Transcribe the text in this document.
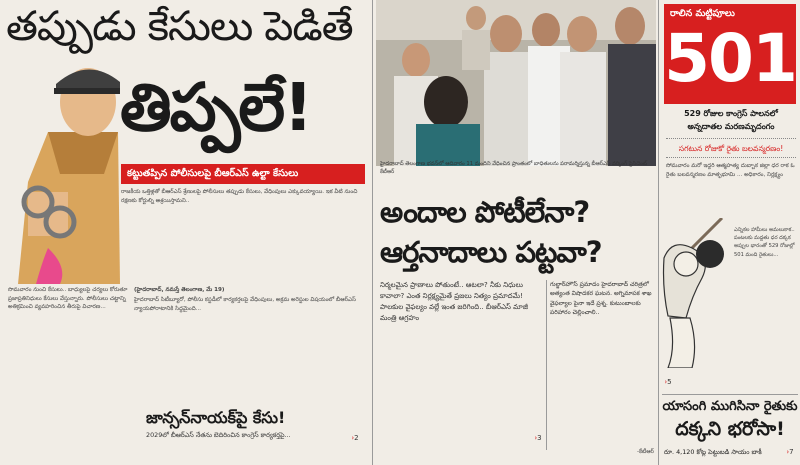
తప్పుడు కేసులు పెడితే
తిప్పలే!
కట్టుతప్పిన పోలీసులపై బీఆర్ఎస్ ఉల్టా కేసులు
రాజకీయ ఒత్తిళ్లతో బీఆర్ఎస్ శ్రేణులపై పోలీసులు తప్పుడు కేసులు, వేధింపులు ఎక్కువయ్యాయి. ఇక వీటి నుంచి రక్షణకు కోర్టుల్ని ఆశ్రయిస్తామని..
సొమవారం నుంచి కేసులు.. బాధ్యులపై చర్యలు కోరుతూ ప్రజాప్రతినిధులు కేసులు వేస్తున్నారు. పోలీసులు చట్టాన్ని అతిక్రమించి వ్యవహరించిన తీరుపై విచారణ...
(హైదరాబాద్, నమస్తే తెలంగాణ, మే 19)
హైదరాబాద్ సిటీబ్యూరో, పోలీసు కస్టడీలో కార్యకర్తలపై వేధింపులు, అక్రమ అరెస్టుల విషయంలో బీఆర్ఎస్ న్యాయపోరాటానికి సిద్ధమైంది...
జాన్సన్‌నాయక్‌పై కేసు!
2029లో బీఆర్ఎస్ నేతను బెదిరించిన కాంగ్రెస్ కార్యకర్తపై...	› 2
హైదరాబాద్ తెలంగాణ భవన్‌లో ఆదివారం 11 మందిని వేధించిన ప్రాంతంలో బాధితులను పరామర్శిస్తున్న బీఆర్ఎస్ వర్కింగ్ ప్రెసిడెంట్ కేటీఆర్
అందాల పోటీలేనా?
ఆర్తనాదాలు పట్టవా?
నిర్మలమైన ప్రాణాలు పోతుంటే.. ఆటలా? నీకు నిధులు కావాలా? ఎంత నిర్లక్ష్యమైతే ప్రజలు నిత్యం ప్రమాదమే! పాలకుల వైఫల్యం వల్లే ఇంత జరిగింది.. బీఆర్ఎస్ మాజీ మంత్రి ఆగ్రహం
› 3
గుల్జార్‌హౌస్ ప్రమాదం హైదరాబాద్ చరిత్రలో అత్యంత విషాదకర ఘటన. అగ్నిమాపక శాఖ వైఫల్యాల పైనా ఇదే ప్రశ్న. కుటుంబాలకు పరిహారం చెల్లించాలి..
-కేటీఆర్
రాలిన మట్టిపూలు
501
529 రోజుల కాంగ్రెస్ పాలనలో అన్నదాతల మరణమృదంగం
సగటున రోజుకో రైతు బలవన్మరణం!
సోమవారం మరో ఇద్దరి ఆత్మహత్య దుబ్బాక జిల్లా ధర రాక ఓ రైతు బలవన్మరణం మాతృభూమి ... అధికారం, నిర్లక్ష్యం
ఎన్నికల హామీలు అమలుకాక.. పంటలకు మద్దతు ధర దక్కక అప్పుల భారంతో 529 రోజుల్లో 501 మంది రైతులు...
› 5
యాసంగి ముగిసినా రైతుకు
దక్కని భరోసా!
రూ. 4,120 కోట్ల పెట్టుబడి సాయం బాకీ	› 7
